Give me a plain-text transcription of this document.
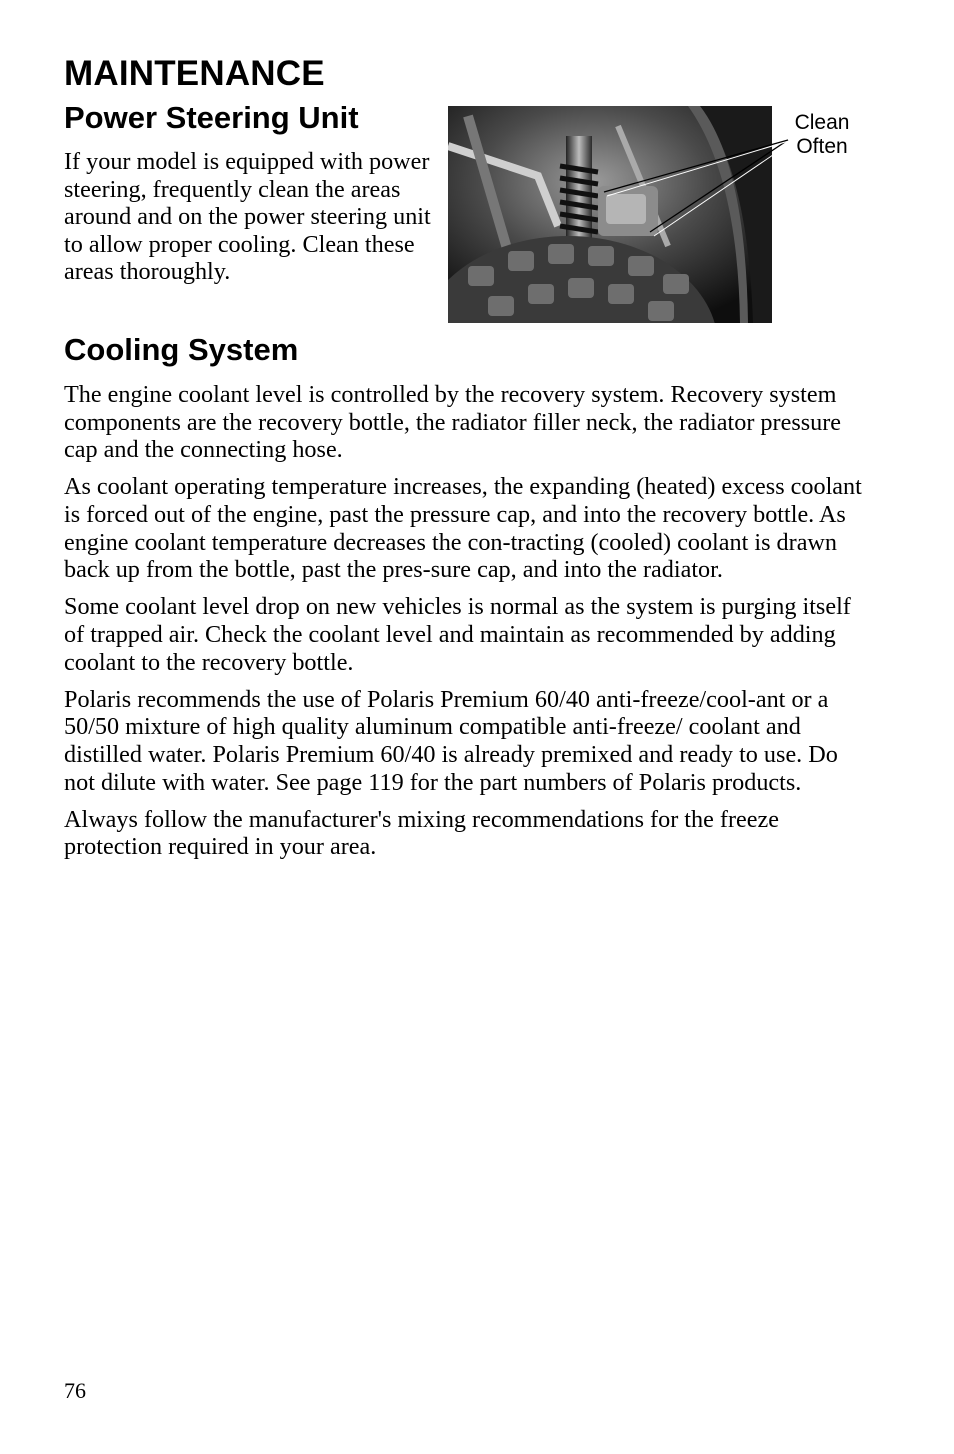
MAINTENANCE
Power Steering Unit

If your model is equipped with power steering, frequently clean the areas around and on the power steering unit to allow proper cooling. Clean these areas thoroughly.

Clean
Often
Cooling System

The engine coolant level is controlled by the recovery system. Recovery system components are the recovery bottle, the radiator filler neck, the radiator pressure cap and the connecting hose.

As coolant operating temperature increases, the expanding (heated) excess coolant is forced out of the engine, past the pressure cap, and into the recovery bottle. As engine coolant temperature decreases the con-tracting (cooled) coolant is drawn back up from the bottle, past the pres-sure cap, and into the radiator.

Some coolant level drop on new vehicles is normal as the system is purging itself of trapped air. Check the coolant level and maintain as recommended by adding coolant to the recovery bottle.

Polaris recommends the use of Polaris Premium 60/40 anti-freeze/cool-ant or a 50/50 mixture of high quality aluminum compatible anti-freeze/ coolant and distilled water. Polaris Premium 60/40 is already premixed and ready to use. Do not dilute with water. See page 119 for the part numbers of Polaris products.

Always follow the manufacturer's mixing recommendations for the freeze protection required in your area.

76
